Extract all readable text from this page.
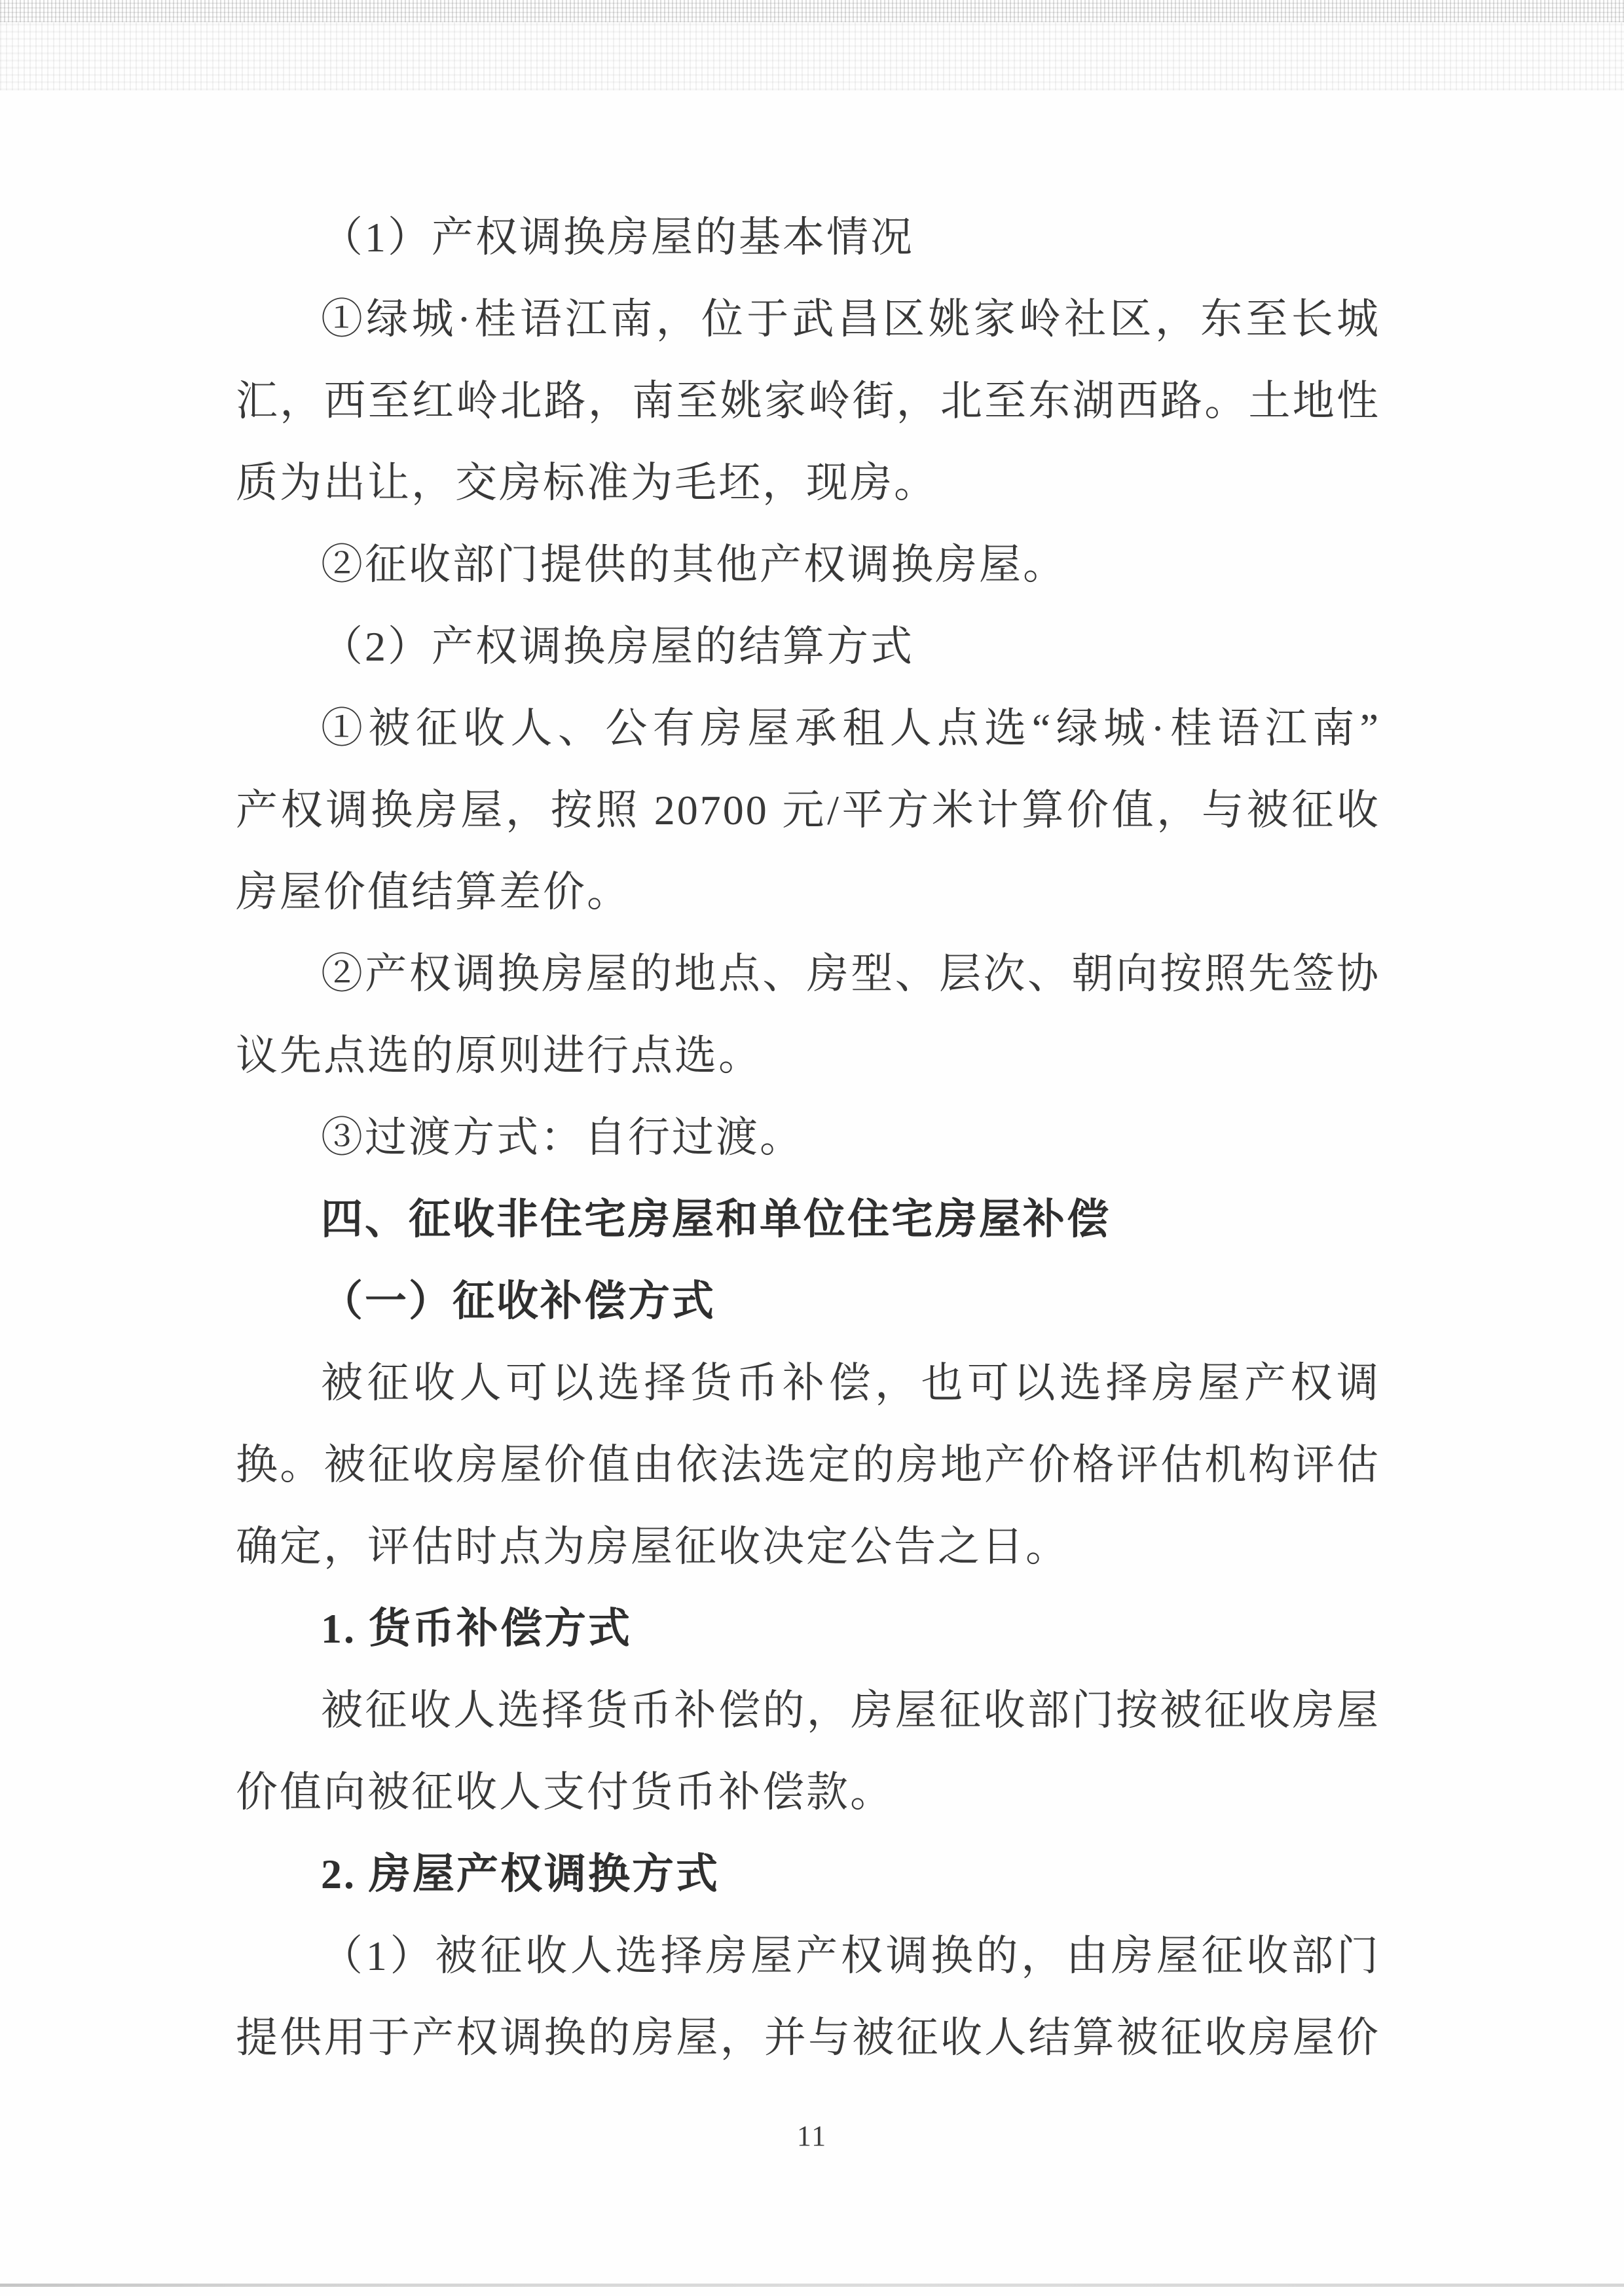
（1）产权调换房屋的基本情况
①绿城·桂语江南，位于武昌区姚家岭社区，东至长城
汇，西至红岭北路，南至姚家岭街，北至东湖西路。土地性
质为出让，交房标准为毛坯，现房。
②征收部门提供的其他产权调换房屋。
（2）产权调换房屋的结算方式
①被征收人、公有房屋承租人点选“绿城·桂语江南”
产权调换房屋，按照 20700 元/平方米计算价值，与被征收
房屋价值结算差价。
②产权调换房屋的地点、房型、层次、朝向按照先签协
议先点选的原则进行点选。
③过渡方式：自行过渡。
四、征收非住宅房屋和单位住宅房屋补偿
（一）征收补偿方式
被征收人可以选择货币补偿，也可以选择房屋产权调
换。被征收房屋价值由依法选定的房地产价格评估机构评估
确定，评估时点为房屋征收决定公告之日。
1. 货币补偿方式
被征收人选择货币补偿的，房屋征收部门按被征收房屋
价值向被征收人支付货币补偿款。
2. 房屋产权调换方式
（1）被征收人选择房屋产权调换的，由房屋征收部门
提供用于产权调换的房屋，并与被征收人结算被征收房屋价
11
